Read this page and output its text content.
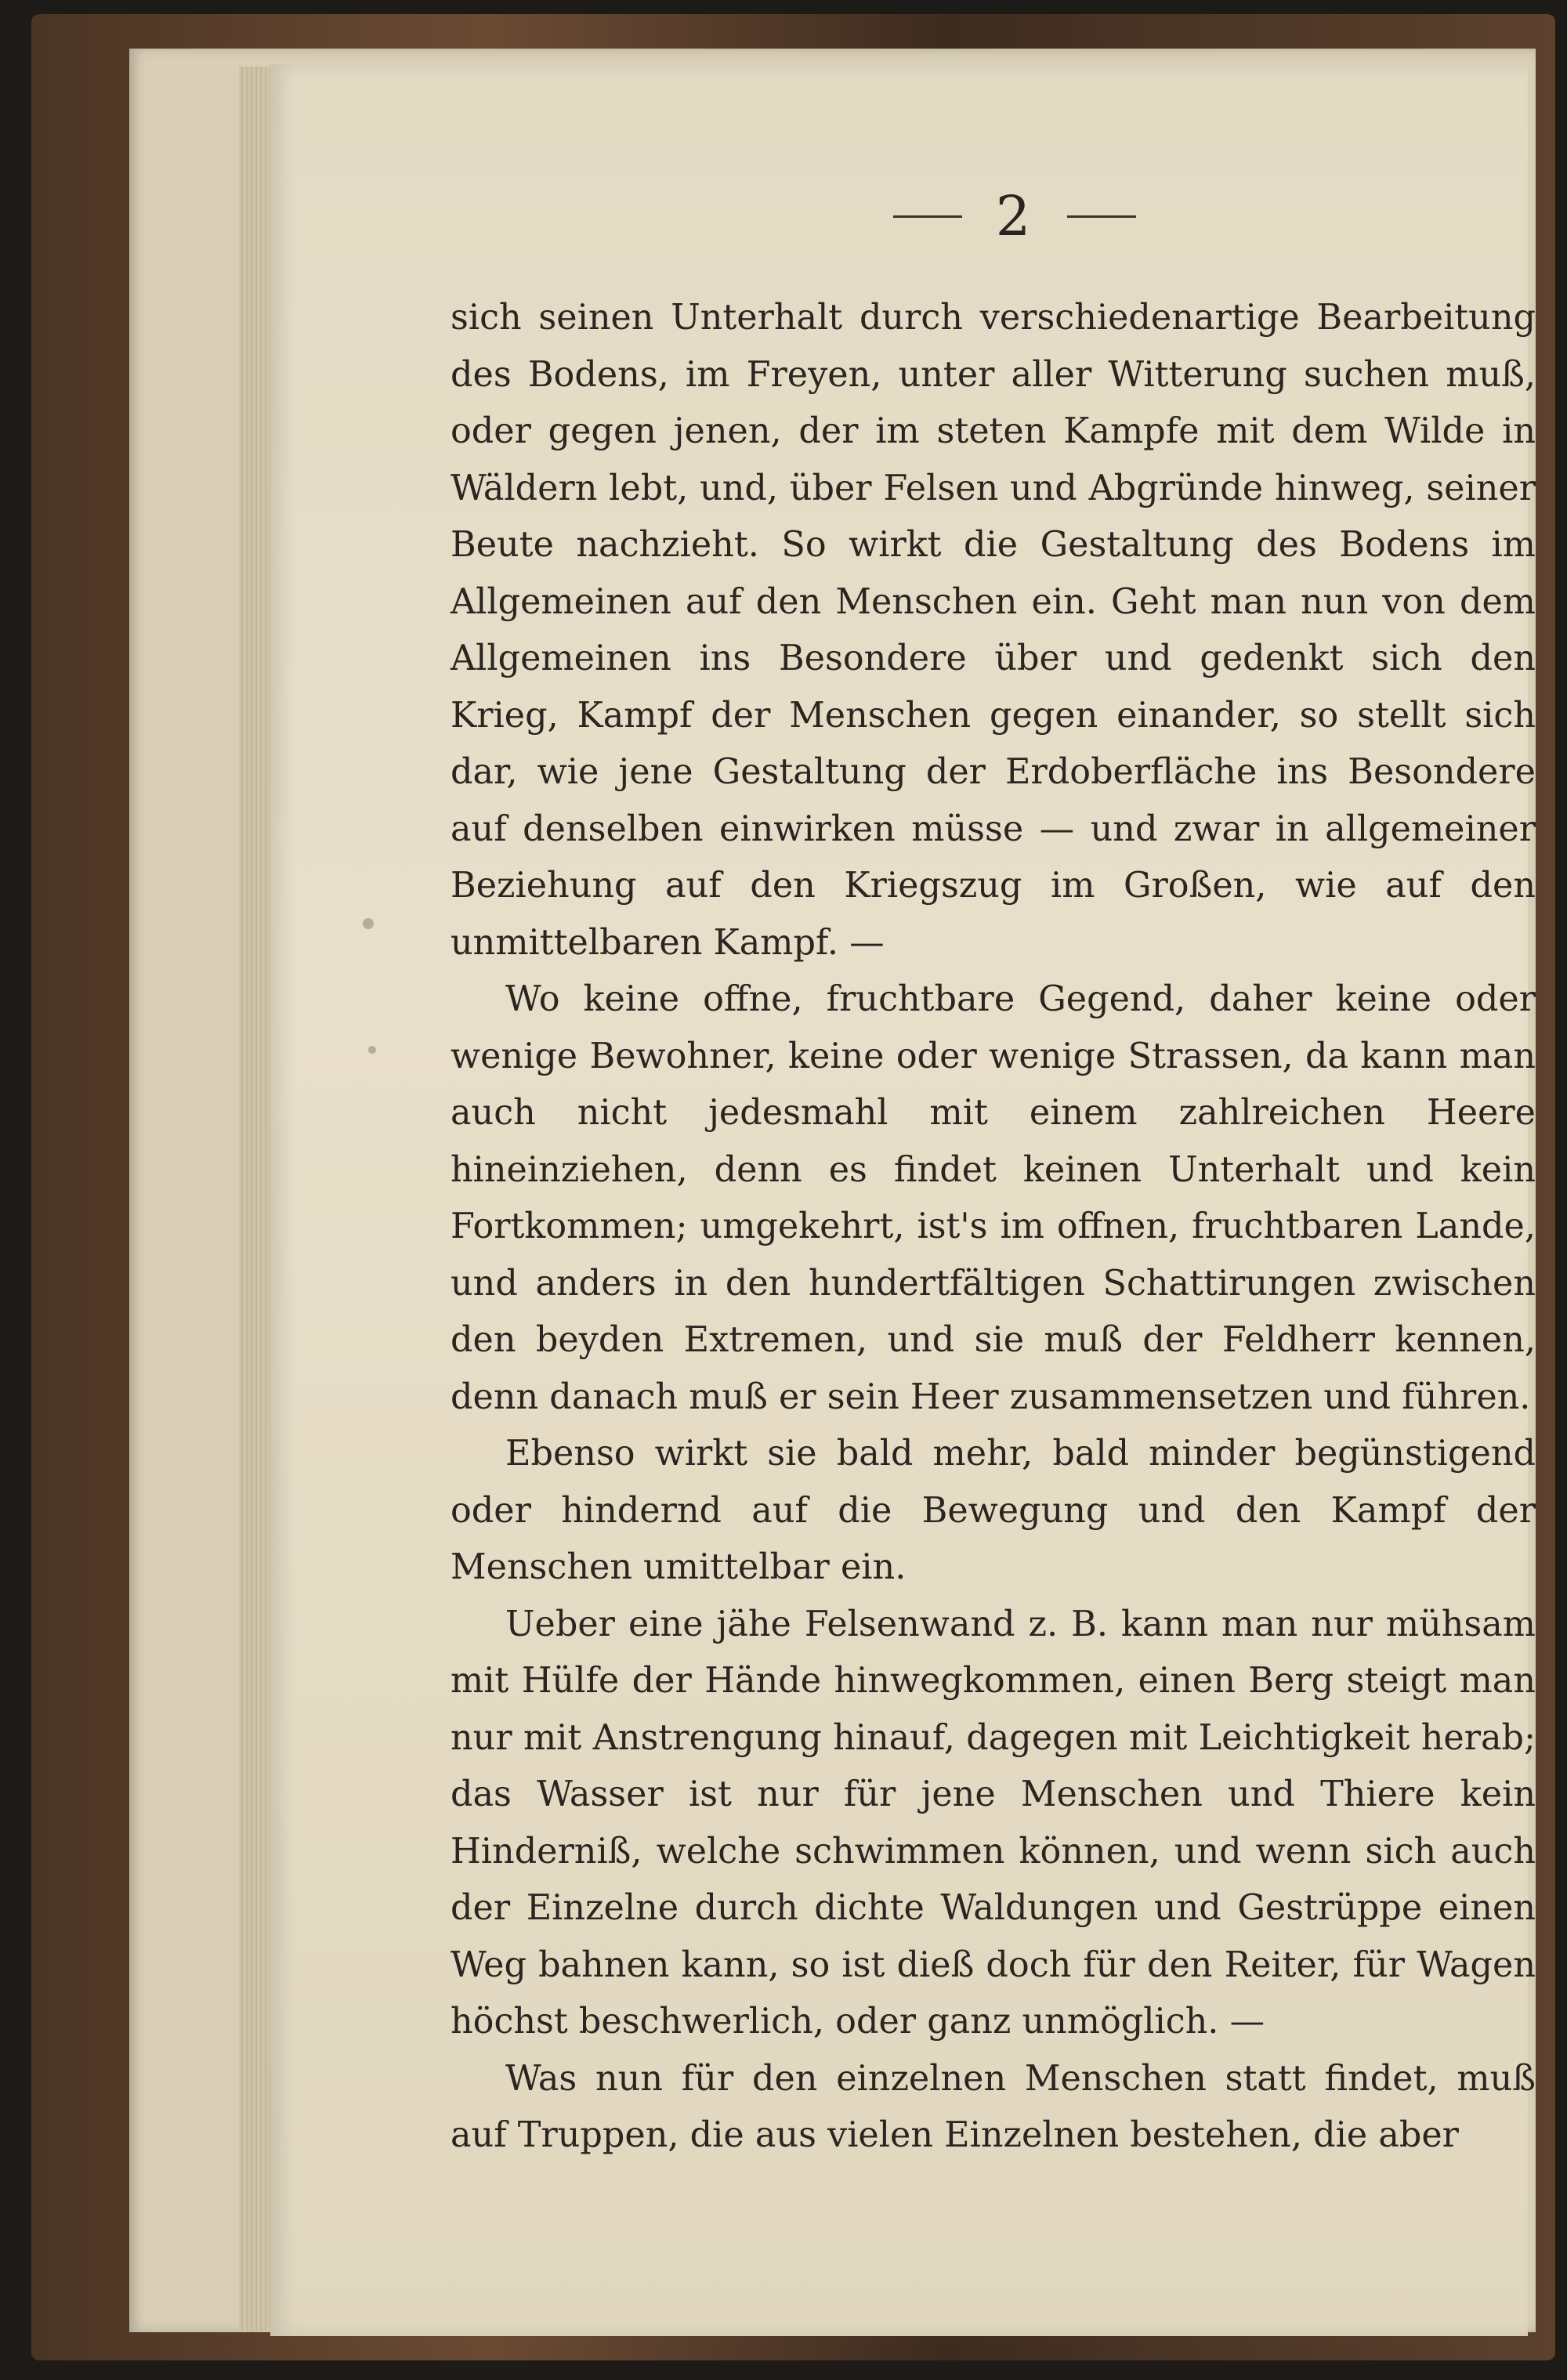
2

sich seinen Unterhalt durch verschiedenartige Bearbeitung des Bodens, im Freyen, unter aller Witterung suchen muß, oder gegen jenen, der im steten Kampfe mit dem Wilde in Wäldern lebt, und, über Felsen und Abgründe hinweg, seiner Beute nachzieht. So wirkt die Gestaltung des Bodens im Allgemeinen auf den Menschen ein. Geht man nun von dem Allgemeinen ins Besondere über und gedenkt sich den Krieg, Kampf der Menschen gegen einander, so stellt sich dar, wie jene Gestaltung der Erdoberfläche ins Besondere auf denselben einwirken müsse — und zwar in allgemeiner Beziehung auf den Kriegszug im Großen, wie auf den unmittelbaren Kampf. —

Wo keine offne, fruchtbare Gegend, daher keine oder wenige Bewohner, keine oder wenige Strassen, da kann man auch nicht jedesmahl mit einem zahlreichen Heere hineinziehen, denn es findet keinen Unterhalt und kein Fortkommen; umgekehrt, ist's im offnen, fruchtbaren Lande, und anders in den hundertfältigen Schattirungen zwischen den beyden Extremen, und sie muß der Feldherr kennen, denn danach muß er sein Heer zusammensetzen und führen.

Ebenso wirkt sie bald mehr, bald minder begünstigend oder hindernd auf die Bewegung und den Kampf der Menschen umittelbar ein.

Ueber eine jähe Felsenwand z. B. kann man nur mühsam mit Hülfe der Hände hinwegkommen, einen Berg steigt man nur mit Anstrengung hinauf, dagegen mit Leichtigkeit herab; das Wasser ist nur für jene Menschen und Thiere kein Hinderniß, welche schwimmen können, und wenn sich auch der Einzelne durch dichte Waldungen und Gestrüppe einen Weg bahnen kann, so ist dieß doch für den Reiter, für Wagen höchst beschwerlich, oder ganz unmöglich. —

Was nun für den einzelnen Menschen statt findet, muß auf Truppen, die aus vielen Einzelnen bestehen, die aber
